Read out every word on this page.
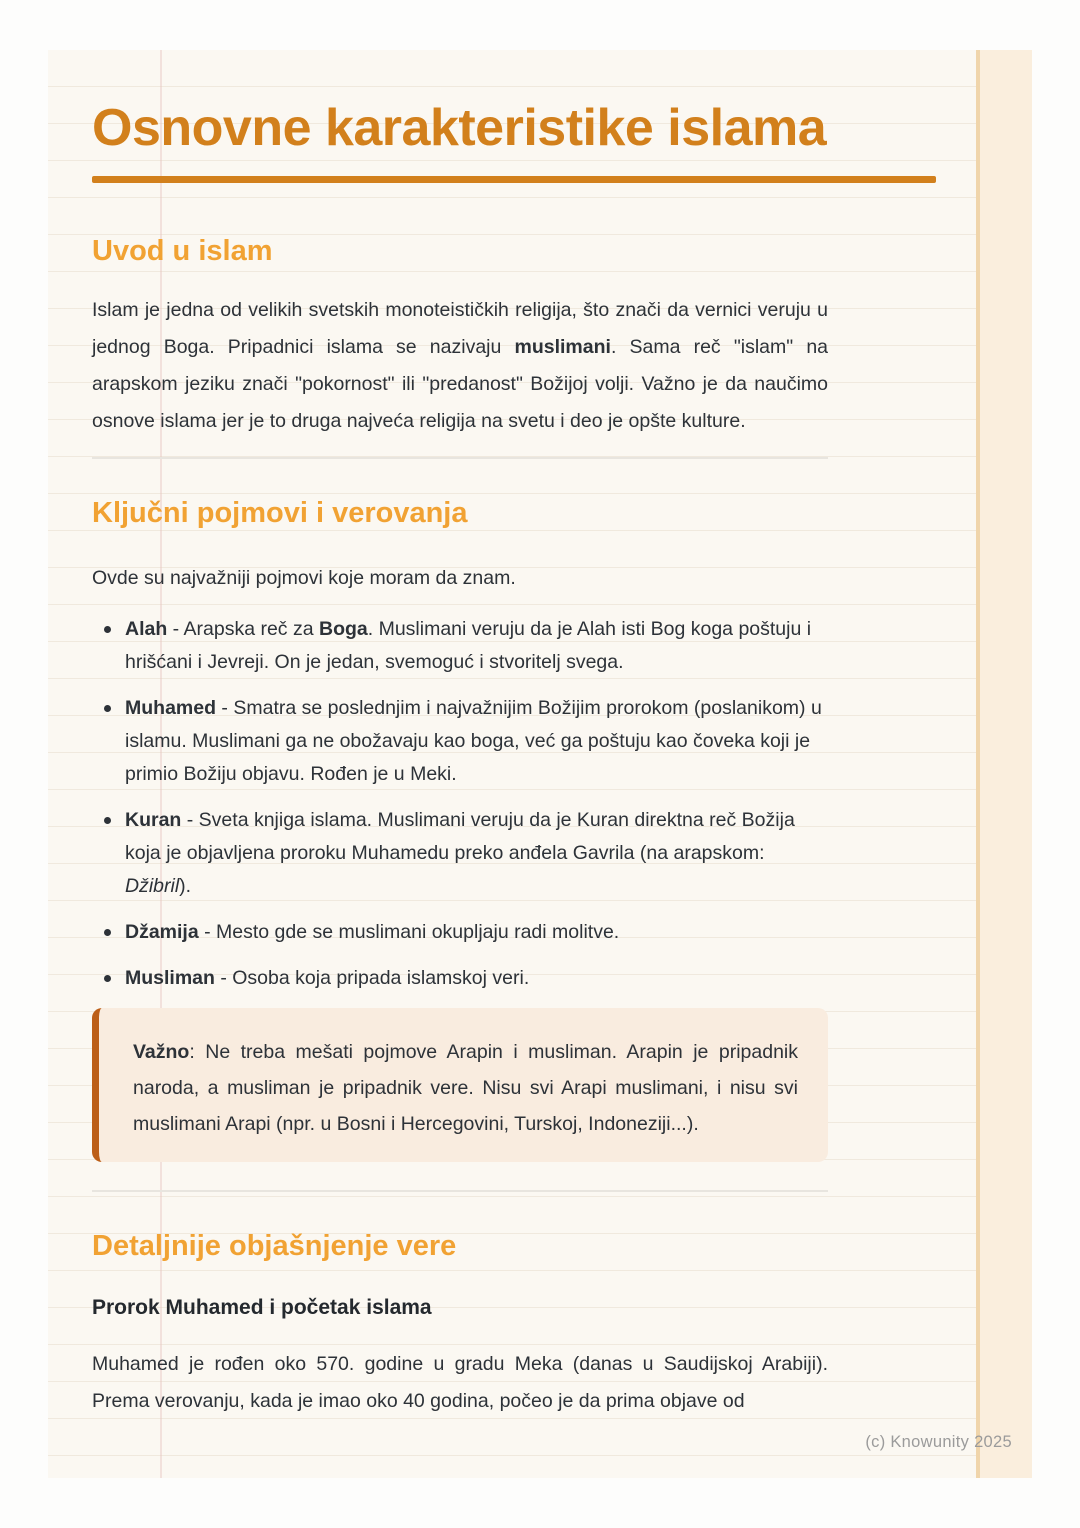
Osnovne karakteristike islama
Uvod u islam

Islam je jedna od velikih svetskih monoteističkih religija, što znači da vernici veruju u jednog Boga. Pripadnici islama se nazivaju muslimani. Sama reč "islam" na arapskom jeziku znači "pokornost" ili "predanost" Božijoj volji. Važno je da naučimo osnove islama jer je to druga najveća religija na svetu i deo je opšte kulture.

Ključni pojmovi i verovanja

Ovde su najvažniji pojmovi koje moram da znam.

Alah - Arapska reč za Boga. Muslimani veruju da je Alah isti Bog koga poštuju i hrišćani i Jevreji. On je jedan, svemoguć i stvoritelj svega.
Muhamed - Smatra se poslednjim i najvažnijim Božijim prorokom (poslanikom) u islamu. Muslimani ga ne obožavaju kao boga, već ga poštuju kao čoveka koji je primio Božiju objavu. Rođen je u Meki.
Kuran - Sveta knjiga islama. Muslimani veruju da je Kuran direktna reč Božija koja je objavljena proroku Muhamedu preko anđela Gavrila (na arapskom: Džibril).
Džamija - Mesto gde se muslimani okupljaju radi molitve.
Musliman - Osoba koja pripada islamskoj veri.
Važno: Ne treba mešati pojmove Arapin i musliman. Arapin je pripadnik naroda, a musliman je pripadnik vere. Nisu svi Arapi muslimani, i nisu svi muslimani Arapi (npr. u Bosni i Hercegovini, Turskoj, Indoneziji...).
Detaljnije objašnjenje vere
Prorok Muhamed i početak islama

Muhamed je rođen oko 570. godine u gradu Meka (danas u Saudijskoj Arabiji). Prema verovanju, kada je imao oko 40 godina, počeo je da prima objave od

(c) Knowunity 2025
